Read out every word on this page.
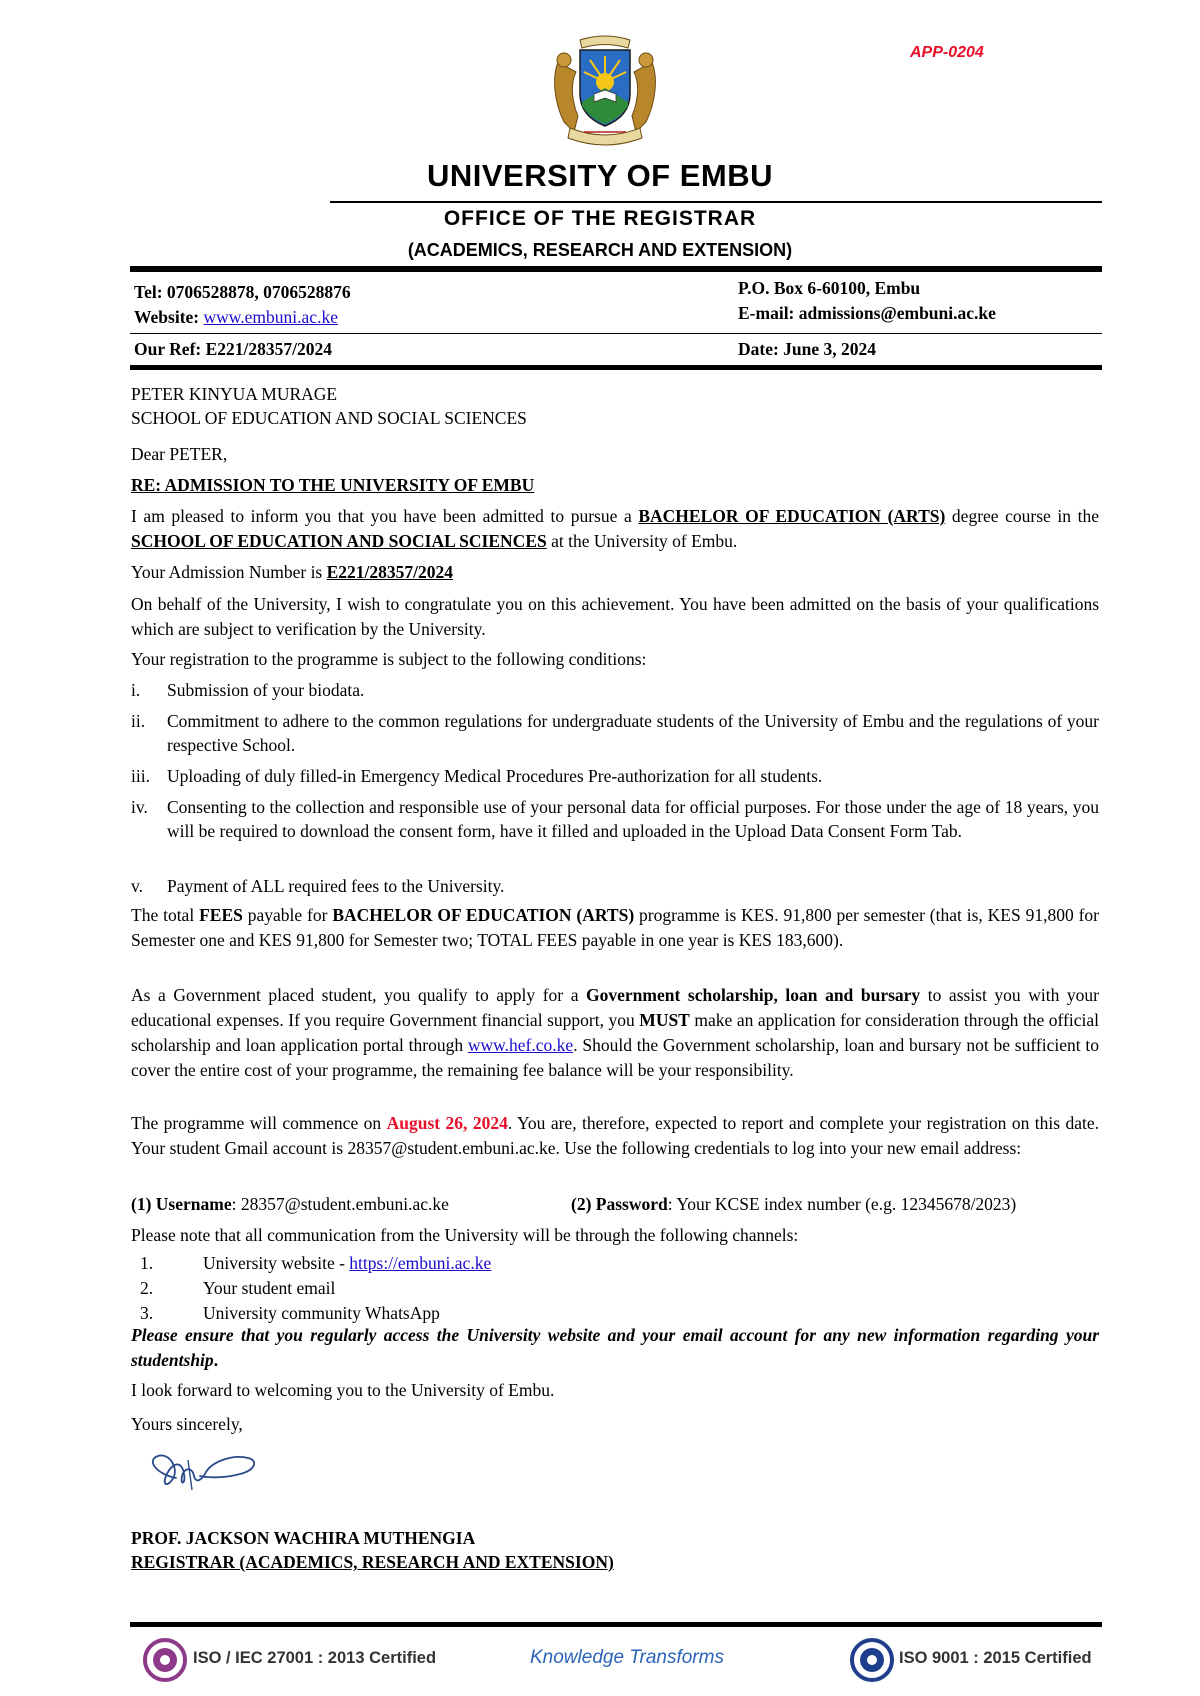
APP-0204
UNIVERSITY OF EMBU
OFFICE OF THE REGISTRAR
(ACADEMICS, RESEARCH AND EXTENSION)
Tel: 0706528878, 0706528876
Website: www.embuni.ac.ke
P.O. Box 6-60100, Embu
E-mail: admissions@embuni.ac.ke
Our Ref: E221/28357/2024	Date: June 3, 2024
PETER KINYUA MURAGE
SCHOOL OF EDUCATION AND SOCIAL SCIENCES
Dear PETER,
RE: ADMISSION TO THE UNIVERSITY OF EMBU

I am pleased to inform you that you have been admitted to pursue a BACHELOR OF EDUCATION (ARTS) degree course in the SCHOOL OF EDUCATION AND SOCIAL SCIENCES at the University of Embu.

Your Admission Number is E221/28357/2024

On behalf of the University, I wish to congratulate you on this achievement. You have been admitted on the basis of your qualifications which are subject to verification by the University.

Your registration to the programme is subject to the following conditions:

i.	Submission of your biodata.
ii.	Commitment to adhere to the common regulations for undergraduate students of the University of Embu and the regulations of your respective School.
iii. Uploading of duly filled-in Emergency Medical Procedures Pre-authorization for all students.
iv.	Consenting to the collection and responsible use of your personal data for official purposes. For those under the age of 18 years, you will be required to download the consent form, have it filled and uploaded in the Upload Data Consent Form Tab.
v.	Payment of ALL required fees to the University.

The total FEES payable for BACHELOR OF EDUCATION (ARTS) programme is KES. 91,800 per semester (that is, KES 91,800 for Semester one and KES 91,800 for Semester two; TOTAL FEES payable in one year is KES 183,600).

As a Government placed student, you qualify to apply for a Government scholarship, loan and bursary to assist you with your educational expenses. If you require Government financial support, you MUST make an application for consideration through the official scholarship and loan application portal through www.hef.co.ke. Should the Government scholarship, loan and bursary not be sufficient to cover the entire cost of your programme, the remaining fee balance will be your responsibility.

The programme will commence on August 26, 2024. You are, therefore, expected to report and complete your registration on this date. Your student Gmail account is 28357@student.embuni.ac.ke. Use the following credentials to log into your new email address:

(1) Username: 28357@student.embuni.ac.ke	(2) Password: Your KCSE index number (e.g. 12345678/2023)

Please note that all communication from the University will be through the following channels:

1.	University website - https://embuni.ac.ke
2.	Your student email
3.	University community WhatsApp

Please ensure that you regularly access the University website and your email account for any new information regarding your studentship.

I look forward to welcoming you to the University of Embu.

Yours sincerely,

PROF. JACKSON WACHIRA MUTHENGIA
REGISTRAR (ACADEMICS, RESEARCH AND EXTENSION)
ISO / IEC 27001 : 2013 Certified	Knowledge Transforms	ISO 9001 : 2015 Certified
